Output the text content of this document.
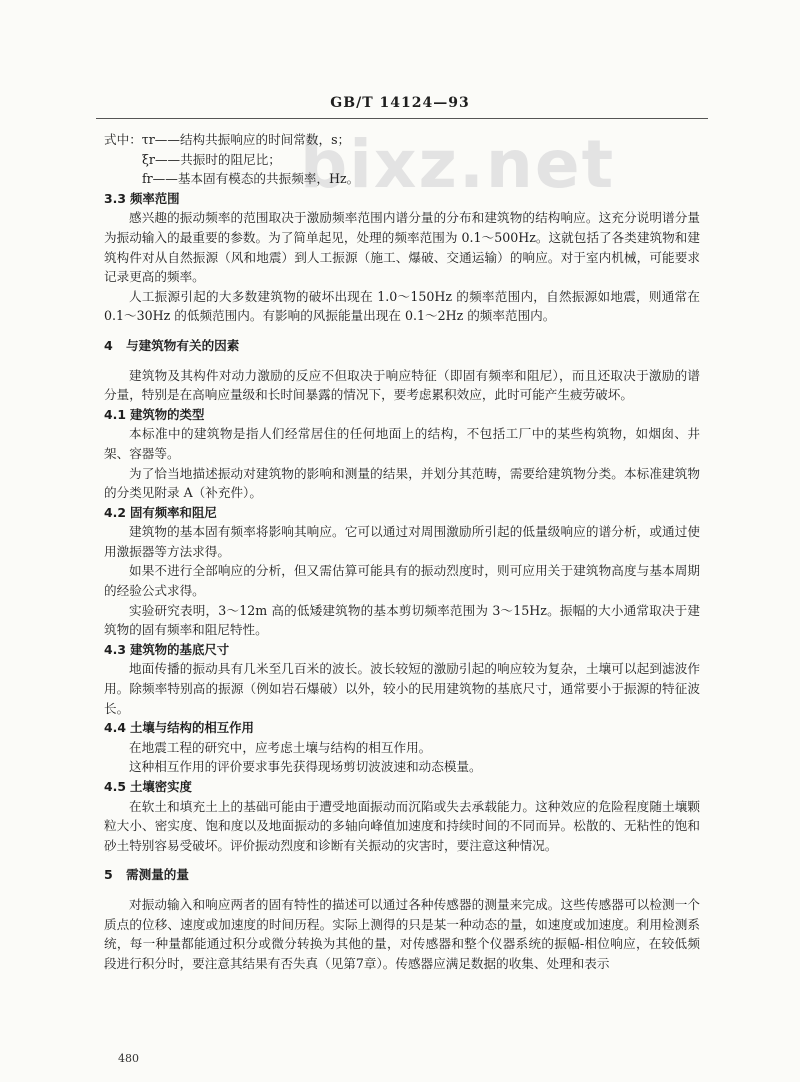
bixz.net
GB/T 14124—93

式中：τr——结构共振响应的时间常数，s；

ξr——共振时的阻尼比；

fr——基本固有模态的共振频率，Hz。

3.3 频率范围

感兴趣的振动频率的范围取决于激励频率范围内谱分量的分布和建筑物的结构响应。这充分说明谱分量为振动输入的最重要的参数。为了简单起见，处理的频率范围为 0.1～500Hz。这就包括了各类建筑物和建筑构件对从自然振源（风和地震）到人工振源（施工、爆破、交通运输）的响应。对于室内机械，可能要求记录更高的频率。

人工振源引起的大多数建筑物的破坏出现在 1.0～150Hz 的频率范围内，自然振源如地震，则通常在 0.1～30Hz 的低频范围内。有影响的风振能量出现在 0.1～2Hz 的频率范围内。

4 与建筑物有关的因素

建筑物及其构件对动力激励的反应不但取决于响应特征（即固有频率和阻尼），而且还取决于激励的谱分量，特别是在高响应量级和长时间暴露的情况下，要考虑累积效应，此时可能产生疲劳破坏。

4.1 建筑物的类型

本标准中的建筑物是指人们经常居住的任何地面上的结构，不包括工厂中的某些构筑物，如烟囱、井架、容器等。

为了恰当地描述振动对建筑物的影响和测量的结果，并划分其范畴，需要给建筑物分类。本标准建筑物的分类见附录 A（补充件）。

4.2 固有频率和阻尼

建筑物的基本固有频率将影响其响应。它可以通过对周围激励所引起的低量级响应的谱分析，或通过使用激振器等方法求得。

如果不进行全部响应的分析，但又需估算可能具有的振动烈度时，则可应用关于建筑物高度与基本周期的经验公式求得。

实验研究表明，3～12m 高的低矮建筑物的基本剪切频率范围为 3～15Hz。振幅的大小通常取决于建筑物的固有频率和阻尼特性。

4.3 建筑物的基底尺寸

地面传播的振动具有几米至几百米的波长。波长较短的激励引起的响应较为复杂，土壤可以起到滤波作用。除频率特别高的振源（例如岩石爆破）以外，较小的民用建筑物的基底尺寸，通常要小于振源的特征波长。

4.4 土壤与结构的相互作用

在地震工程的研究中，应考虑土壤与结构的相互作用。

这种相互作用的评价要求事先获得现场剪切波波速和动态模量。

4.5 土壤密实度

在软土和填充土上的基础可能由于遭受地面振动而沉陷或失去承载能力。这种效应的危险程度随土壤颗粒大小、密实度、饱和度以及地面振动的多轴向峰值加速度和持续时间的不同而异。松散的、无粘性的饱和砂土特别容易受破坏。评价振动烈度和诊断有关振动的灾害时，要注意这种情况。

5 需测量的量

对振动输入和响应两者的固有特性的描述可以通过各种传感器的测量来完成。这些传感器可以检测一个质点的位移、速度或加速度的时间历程。实际上测得的只是某一种动态的量，如速度或加速度。利用检测系统，每一种量都能通过积分或微分转换为其他的量，对传感器和整个仪器系统的振幅-相位响应，在较低频段进行积分时，要注意其结果有否失真（见第7章）。传感器应满足数据的收集、处理和表示

480
